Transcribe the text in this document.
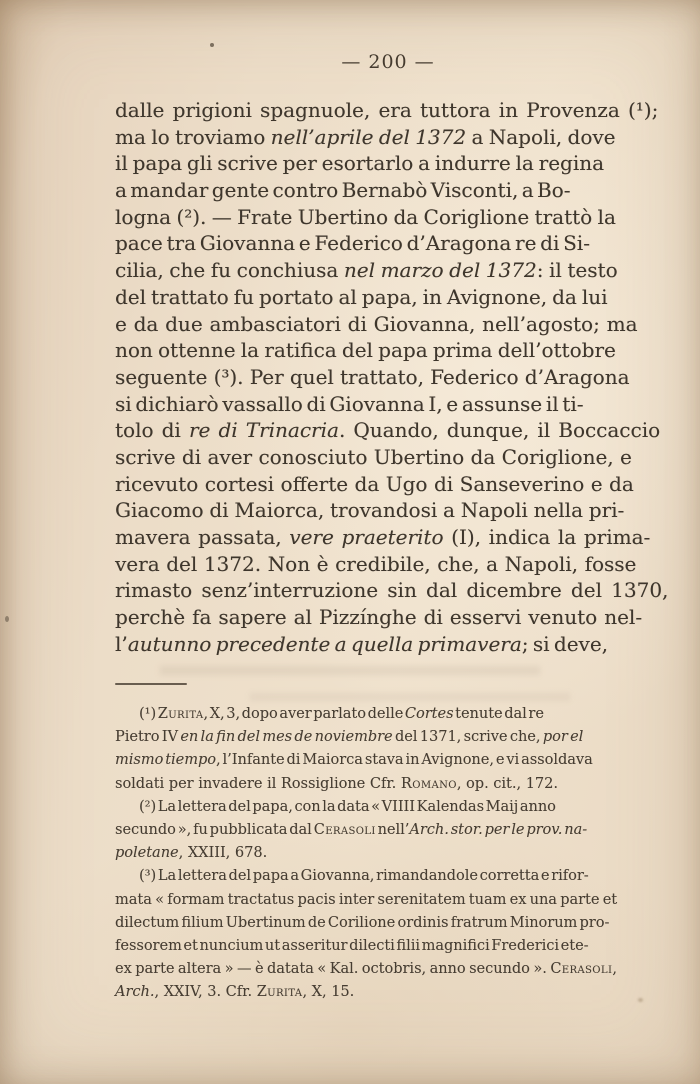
— 200 —
dalle prigioni spagnuole, era tuttora in Provenza (¹);
ma lo troviamo nell’aprile del 1372 a Napoli, dove
il papa gli scrive per esortarlo a indurre la regina
a mandar gente contro Bernabò Visconti, a Bo-
logna (²). — Frate Ubertino da Coriglione trattò la
pace tra Giovanna e Federico d’Aragona re di Si-
cilia, che fu conchiusa nel marzo del 1372: il testo
del trattato fu portato al papa, in Avignone, da lui
e da due ambasciatori di Giovanna, nell’agosto; ma
non ottenne la ratifica del papa prima dell’ottobre
seguente (³). Per quel trattato, Federico d’Aragona
si dichiarò vassallo di Giovanna I, e assunse il ti-
tolo di re di Trinacria. Quando, dunque, il Boccaccio
scrive di aver conosciuto Ubertino da Coriglione, e
ricevuto cortesi offerte da Ugo di Sanseverino e da
Giacomo di Maiorca, trovandosi a Napoli nella pri-
mavera passata, vere praeterito (I), indica la prima-
vera del 1372. Non è credibile, che, a Napoli, fosse
rimasto senz’interruzione sin dal dicembre del 1370,
perchè fa sapere al Pizzínghe di esservi venuto nel-
l’autunno precedente a quella primavera; si deve,
(¹) Zurita, X, 3, dopo aver parlato delle Cortes tenute dal re
Pietro IV en la fin del mes de noviembre del 1371, scrive che, por el
mismo tiempo, l’Infante di Maiorca stava in Avignone, e vi assoldava
soldati per invadere il Rossiglione Cfr. Romano, op. cit., 172.
(²) La lettera del papa, con la data « VIIII Kalendas Maij anno
secundo », fu pubblicata dal Cerasoli nell’Arch. stor. per le prov. na-
poletane, XXIII, 678.
(³) La lettera del papa a Giovanna, rimandandole corretta e rifor-
mata « formam tractatus pacis inter serenitatem tuam ex una parte et
dilectum filium Ubertinum de Corilione ordinis fratrum Minorum pro-
fessorem et nuncium ut asseritur dilecti filii magnifici Frederici ete-
ex parte altera » — è datata « Kal. octobris, anno secundo ». Cerasoli,
Arch., XXIV, 3. Cfr. Zurita, X, 15.
